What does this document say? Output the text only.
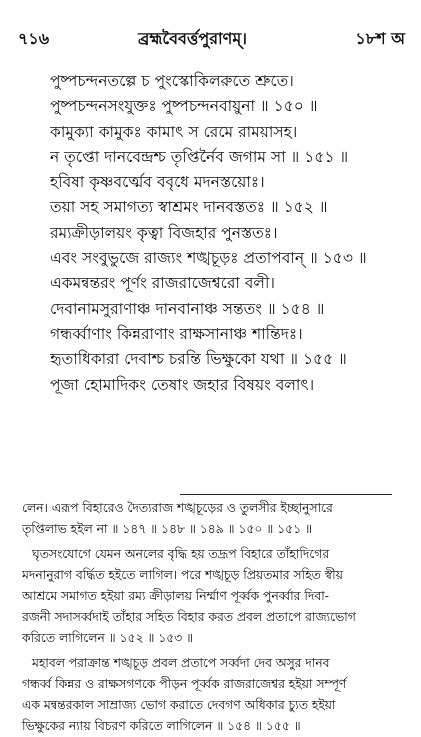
৭১৬	ব্রহ্মবৈবর্ত্তপুরাণম্‌।	১৮শ অ
পুষ্পচন্দনতল্পে চ পুংস্কোকিলরুতে শ্রুতে।
পুষ্পচন্দনসংযুক্তঃ পুষ্পচন্দনবায়ুনা ॥ ১৫০ ॥
কামুক্যা কামুকঃ কামাৎ স রেমে রাময়াসহ।
ন তৃপ্তো দানবেন্দ্রশ্চ তৃপ্তির্নৈব জগাম সা ॥ ১৫১ ॥
হবিষা কৃষ্ণবর্ত্মেব ববৃধে মদনস্তয়োঃ।
তয়া সহ সমাগত্য স্বাশ্রমং দানবস্ততঃ ॥ ১৫২ ॥
রম্যক্রীড়ালয়ং কৃত্বা বিজহার পুনস্ততঃ।
এবং সংবুভুজে রাজ্যং শঙ্খচূড়ঃ প্রতাপবান্‌ ॥ ১৫৩ ॥
একমন্বন্তরং পূর্ণং রাজরাজেশ্বরো বলী।
দেবানামসুরাণাঞ্চ দানবানাঞ্চ সন্ততং ॥ ১৫৪ ॥
গন্ধর্ব্বাণাং কিন্নরাণাং রাক্ষসানাঞ্চ শান্তিদঃ।
হৃতাধিকারা দেবাশ্চ চরন্তি ভিক্ষুকো যথা ॥ ১৫৫ ॥
পূজা হোমাদিকং তেষাং জহার বিষয়ং বলাৎ।
লেন। এরূপ বিহারেও দৈত্যরাজ শঙ্খচূড়ের ও তুলসীর ইচ্ছানুসারে
তৃপ্তিলাভ হইল না ॥ ১৪৭ ॥ ১৪৮ ॥ ১৪৯ ॥ ১৫০ ॥ ১৫১ ॥
ঘৃতসংযোগে যেমন অনলের বৃদ্ধি হয় তদ্রূপ বিহারে তাঁহাদিগের
মদনানুরাগ বর্দ্ধিত হইতে লাগিল। পরে শঙ্খচূড় প্রিয়তমার সহিত স্বীয়
আশ্রমে সমাগত হইয়া রম্য ক্রীড়ালয় নির্ম্মাণ পূর্ব্বক পুনর্ব্বার দিবা-
রজনী সদাসর্ব্বদাই তাঁহার সহিত বিহার করত প্রবল প্রতাপে রাজ্যভোগ
করিতে লাগিলেন ॥ ১৫২ ॥ ১৫৩ ॥
মহাবল পরাক্রান্ত শঙ্খচূড় প্রবল প্রতাপে সর্ব্বদা দেব অসুর দানব
গন্ধর্ব্ব কিন্নর ও রাক্ষসগণকে পীড়ন পূর্ব্বক রাজরাজেশ্বর হইয়া সম্পূর্ণ
এক মন্বন্তরকাল সাম্রাজ্য ভোগ করাতে দেবগণ অধিকার চ্যুত হইয়া
ভিক্ষুকের ন্যায় বিচরণ করিতে লাগিলেন ॥ ১৫৪ ॥ ১৫৫ ॥
